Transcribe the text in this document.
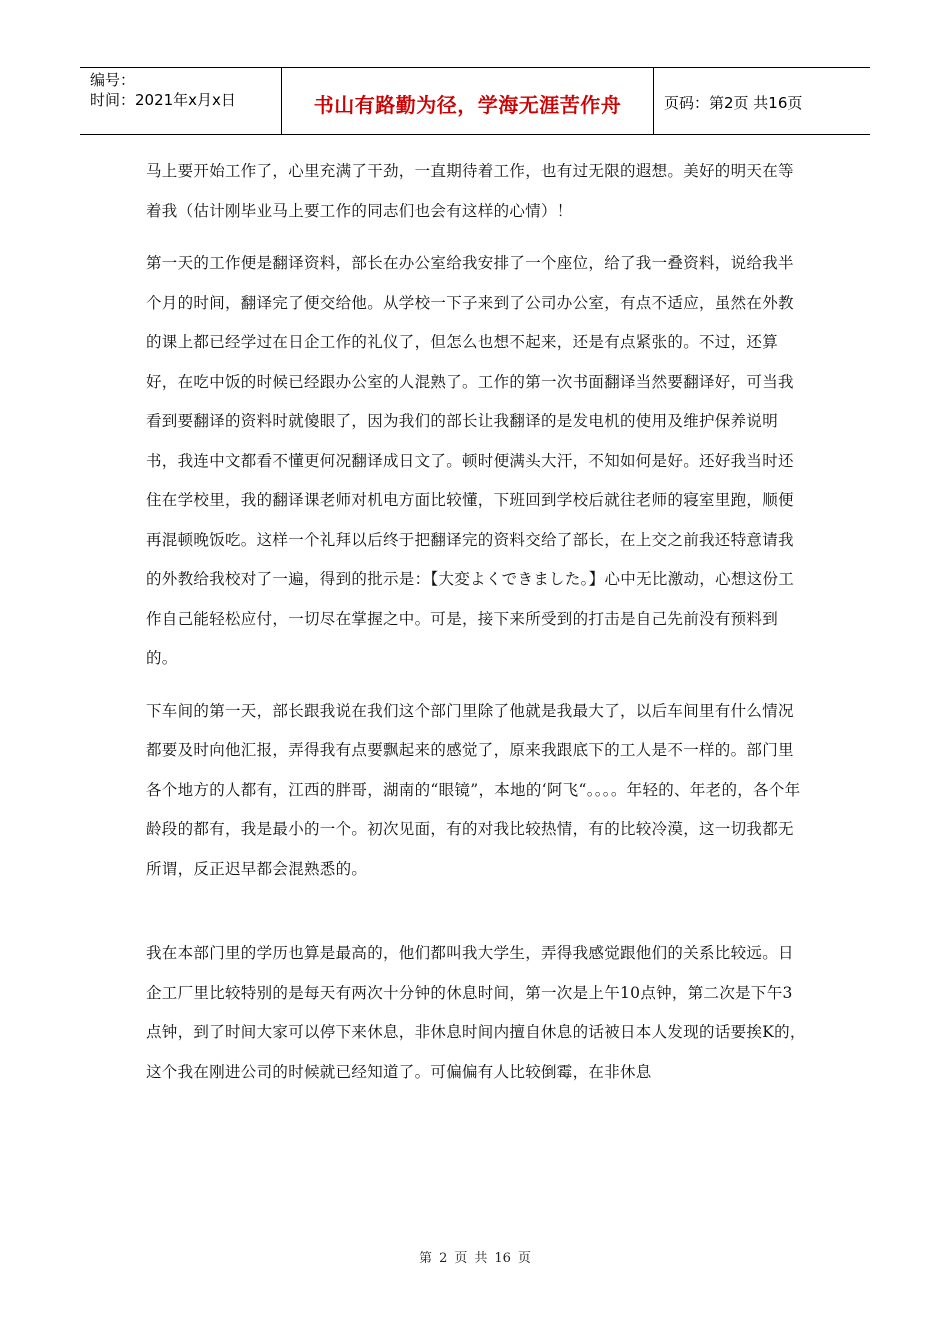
编号：
时间：2021年x月x日	书山有路勤为径，学海无涯苦作舟	页码：第2页 共16页

马上要开始工作了，心里充满了干劲，一直期待着工作，也有过无限的遐想。美好的明天在等着我（估计刚毕业马上要工作的同志们也会有这样的心情）！

第一天的工作便是翻译资料，部长在办公室给我安排了一个座位，给了我一叠资料，说给我半个月的时间，翻译完了便交给他。从学校一下子来到了公司办公室，有点不适应，虽然在外教的课上都已经学过在日企工作的礼仪了，但怎么也想不起来，还是有点紧张的。不过，还算好，在吃中饭的时候已经跟办公室的人混熟了。工作的第一次书面翻译当然要翻译好，可当我看到要翻译的资料时就傻眼了，因为我们的部长让我翻译的是发电机的使用及维护保养说明书，我连中文都看不懂更何况翻译成日文了。顿时便满头大汗，不知如何是好。还好我当时还住在学校里，我的翻译课老师对机电方面比较懂，下班回到学校后就往老师的寝室里跑，顺便再混顿晚饭吃。这样一个礼拜以后终于把翻译完的资料交给了部长，在上交之前我还特意请我的外教给我校对了一遍，得到的批示是：【大変よくできました。】心中无比激动，心想这份工作自己能轻松应付，一切尽在掌握之中。可是，接下来所受到的打击是自己先前没有预料到的。

下车间的第一天，部长跟我说在我们这个部门里除了他就是我最大了，以后车间里有什么情况都要及时向他汇报，弄得我有点要飘起来的感觉了，原来我跟底下的工人是不一样的。部门里各个地方的人都有，江西的胖哥，湖南的“眼镜”，本地的‘阿飞“。。。。年轻的、年老的，各个年龄段的都有，我是最小的一个。初次见面，有的对我比较热情，有的比较冷漠，这一切我都无所谓，反正迟早都会混熟悉的。

我在本部门里的学历也算是最高的，他们都叫我大学生，弄得我感觉跟他们的关系比较远。日企工厂里比较特别的是每天有两次十分钟的休息时间，第一次是上午10点钟，第二次是下午3点钟，到了时间大家可以停下来休息，非休息时间内擅自休息的话被日本人发现的话要挨K的，这个我在刚进公司的时候就已经知道了。可偏偏有人比较倒霉，在非休息

第 2 页 共 16 页
